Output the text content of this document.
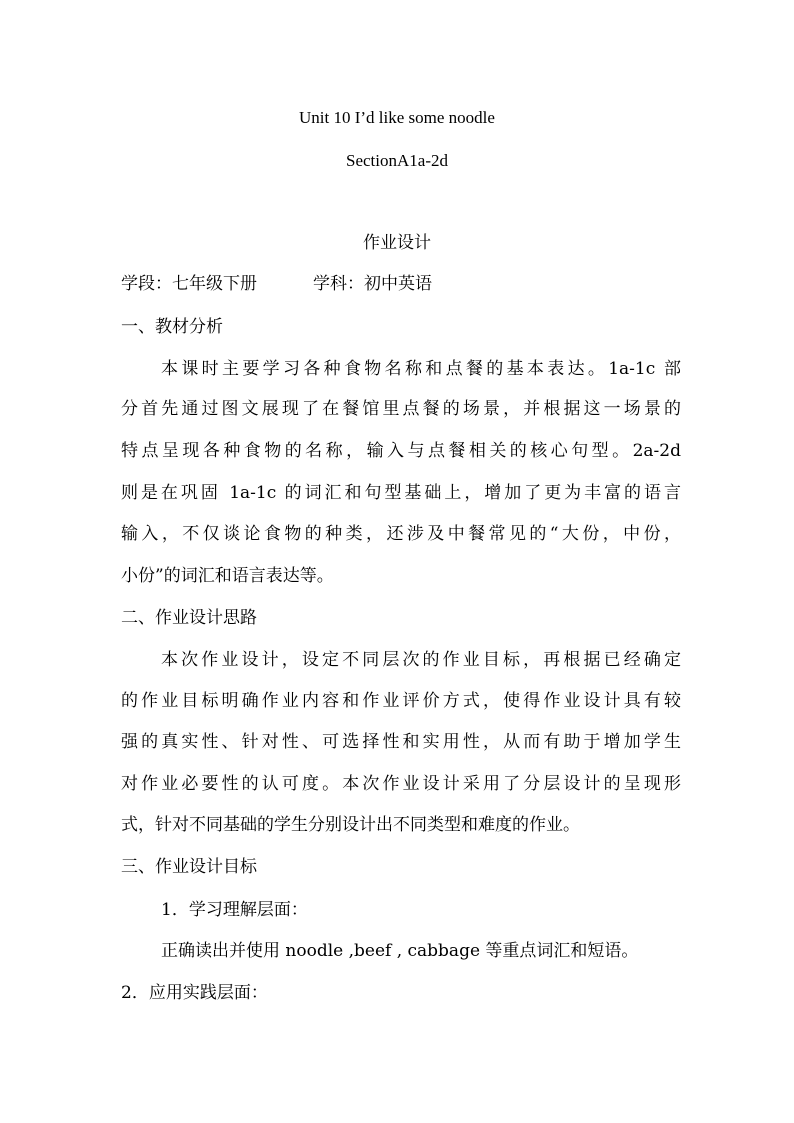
Unit 10 I’d like some noodle
SectionA1a-2d
作业设计
学段：七年级下册	学科：初中英语
一、教材分析
本课时主要学习各种食物名称和点餐的基本表达。1a-1c 部
分首先通过图文展现了在餐馆里点餐的场景，并根据这一场景的
特点呈现各种食物的名称，输入与点餐相关的核心句型。2a-2d
则是在巩固 1a-1c 的词汇和句型基础上，增加了更为丰富的语言
输入，不仅谈论食物的种类，还涉及中餐常见的“大份，中份，
小份”的词汇和语言表达等。
二、作业设计思路
本次作业设计，设定不同层次的作业目标，再根据已经确定
的作业目标明确作业内容和作业评价方式，使得作业设计具有较
强的真实性、针对性、可选择性和实用性，从而有助于增加学生
对作业必要性的认可度。本次作业设计采用了分层设计的呈现形
式，针对不同基础的学生分别设计出不同类型和难度的作业。
三、作业设计目标
1．学习理解层面：
正确读出并使用 noodle ,beef , cabbage 等重点词汇和短语。
2．应用实践层面：
